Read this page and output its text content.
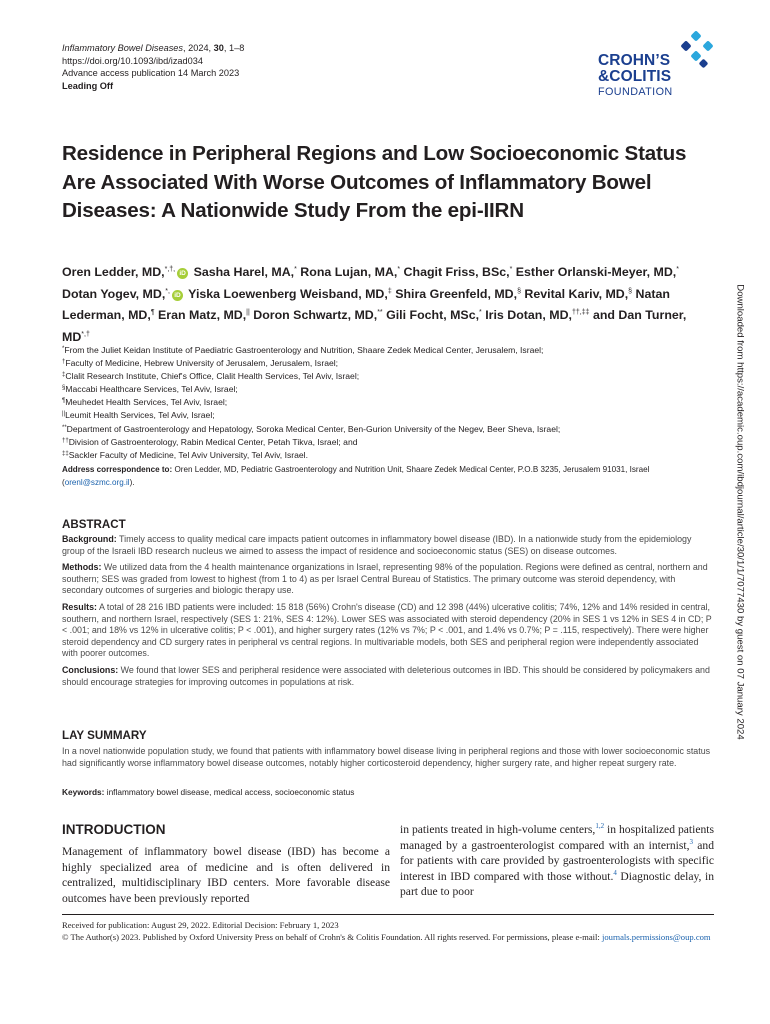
Inflammatory Bowel Diseases, 2024, 30, 1–8
https://doi.org/10.1093/ibd/izad034
Advance access publication 14 March 2023
Leading Off
CROHN’S
&COLITIS
FOUNDATION
Residence in Peripheral Regions and Low Socioeconomic Status Are Associated With Worse Outcomes of Inflammatory Bowel Diseases: A Nationwide Study From the epi-IIRN
Oren Ledder, MD,*,†,iD Sasha Harel, MA,* Rona Lujan, MA,* Chagit Friss, BSc,* Esther Orlanski-Meyer, MD,* Dotan Yogev, MD,*,iD Yiska Loewenberg Weisband, MD,‡ Shira Greenfeld, MD,§ Revital Kariv, MD,§ Natan Lederman, MD,¶ Eran Matz, MD,|| Doron Schwartz, MD,** Gili Focht, MSc,* Iris Dotan, MD,††,‡‡ and Dan Turner, MD*,†
*From the Juliet Keidan Institute of Paediatric Gastroenterology and Nutrition, Shaare Zedek Medical Center, Jerusalem, Israel;
†Faculty of Medicine, Hebrew University of Jerusalem, Jerusalem, Israel;
‡Clalit Research Institute, Chief's Office, Clalit Health Services, Tel Aviv, Israel;
§Maccabi Healthcare Services, Tel Aviv, Israel;
¶Meuhedet Health Services, Tel Aviv, Israel;
||Leumit Health Services, Tel Aviv, Israel;
**Department of Gastroenterology and Hepatology, Soroka Medical Center, Ben-Gurion University of the Negev, Beer Sheva, Israel;
††Division of Gastroenterology, Rabin Medical Center, Petah Tikva, Israel; and
‡‡Sackler Faculty of Medicine, Tel Aviv University, Tel Aviv, Israel.
Address correspondence to: Oren Ledder, MD, Pediatric Gastroenterology and Nutrition Unit, Shaare Zedek Medical Center, P.O.B 3235, Jerusalem 91031, Israel (orenl@szmc.org.il).
ABSTRACT

Background: Timely access to quality medical care impacts patient outcomes in inflammatory bowel disease (IBD). In a nationwide study from the epidemiology group of the Israeli IBD research nucleus we aimed to assess the impact of residence and socioeconomic status (SES) on disease outcomes.

Methods: We utilized data from the 4 health maintenance organizations in Israel, representing 98% of the population. Regions were defined as central, northern and southern; SES was graded from lowest to highest (from 1 to 4) as per Israel Central Bureau of Statistics. The primary outcome was steroid dependency, with secondary outcomes of surgeries and biologic therapy use.

Results: A total of 28 216 IBD patients were included: 15 818 (56%) Crohn's disease (CD) and 12 398 (44%) ulcerative colitis; 74%, 12% and 14% resided in central, southern, and northern Israel, respectively (SES 1: 21%, SES 4: 12%). Lower SES was associated with steroid dependency (20% in SES 1 vs 12% in SES 4 in CD; P < .001; and 18% vs 12% in ulcerative colitis; P < .001), and higher surgery rates (12% vs 7%; P < .001, and 1.4% vs 0.7%; P = .115, respectively). There were higher steroid dependency and CD surgery rates in peripheral vs central regions. In multivariable models, both SES and peripheral region were independently associated with poorer outcomes.

Conclusions: We found that lower SES and peripheral residence were associated with deleterious outcomes in IBD. This should be considered by policymakers and should encourage strategies for improving outcomes in populations at risk.

LAY SUMMARY
In a novel nationwide population study, we found that patients with inflammatory bowel disease living in peripheral regions and those with lower socioeconomic status had significantly worse inflammatory bowel disease outcomes, notably higher corticosteroid dependency, higher surgery rate, and higher repeat surgery rate.
Keywords: inflammatory bowel disease, medical access, socioeconomic status
INTRODUCTION
Management of inflammatory bowel disease (IBD) has become a highly specialized area of medicine and is often delivered in centralized, multidisciplinary IBD centers. More favorable disease outcomes have been previously reported
in patients treated in high-volume centers,$^{1,2}$ in hospitalized patients managed by a gastroenterologist compared with an internist,$^3$ and for patients with care provided by gastroenterologists with specific interest in IBD compared with those without.$^4$ Diagnostic delay, in part due to poor
Received for publication: August 29, 2022. Editorial Decision: February 1, 2023
© The Author(s) 2023. Published by Oxford University Press on behalf of Crohn's & Colitis Foundation. All rights reserved. For permissions, please e-mail: journals.permissions@oup.com
Downloaded from https://academic.oup.com/ibdjournal/article/30/1/1/7077430 by guest on 07 January 2024
